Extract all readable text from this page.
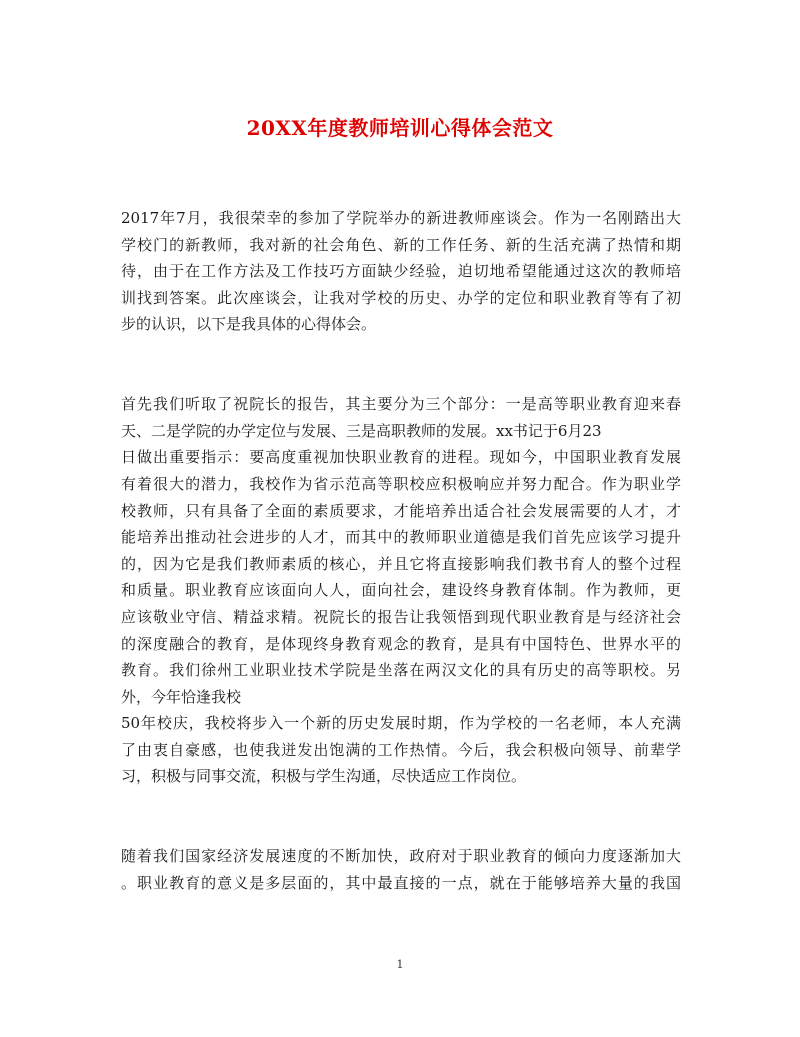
20XX年度教师培训心得体会范文
2017年7月，我很荣幸的参加了学院举办的新进教师座谈会。作为一名刚踏出大
学校门的新教师，我对新的社会角色、新的工作任务、新的生活充满了热情和期
待，由于在工作方法及工作技巧方面缺少经验，迫切地希望能通过这次的教师培
训找到答案。此次座谈会，让我对学校的历史、办学的定位和职业教育等有了初
步的认识，以下是我具体的心得体会。
首先我们听取了祝院长的报告，其主要分为三个部分：一是高等职业教育迎来春
天、二是学院的办学定位与发展、三是高职教师的发展。xx书记于6月23
日做出重要指示：要高度重视加快职业教育的进程。现如今，中国职业教育发展
有着很大的潜力，我校作为省示范高等职校应积极响应并努力配合。作为职业学
校教师，只有具备了全面的素质要求，才能培养出适合社会发展需要的人才，才
能培养出推动社会进步的人才，而其中的教师职业道德是我们首先应该学习提升
的，因为它是我们教师素质的核心，并且它将直接影响我们教书育人的整个过程
和质量。职业教育应该面向人人，面向社会，建设终身教育体制。作为教师，更
应该敬业守信、精益求精。祝院长的报告让我领悟到现代职业教育是与经济社会
的深度融合的教育，是体现终身教育观念的教育，是具有中国特色、世界水平的
教育。我们徐州工业职业技术学院是坐落在两汉文化的具有历史的高等职校。另
外，今年恰逢我校
50年校庆，我校将步入一个新的历史发展时期，作为学校的一名老师，本人充满
了由衷自豪感，也使我迸发出饱满的工作热情。今后，我会积极向领导、前辈学
习，积极与同事交流，积极与学生沟通，尽快适应工作岗位。
随着我们国家经济发展速度的不断加快，政府对于职业教育的倾向力度逐渐加大
。职业教育的意义是多层面的，其中最直接的一点，就在于能够培养大量的我国
1
